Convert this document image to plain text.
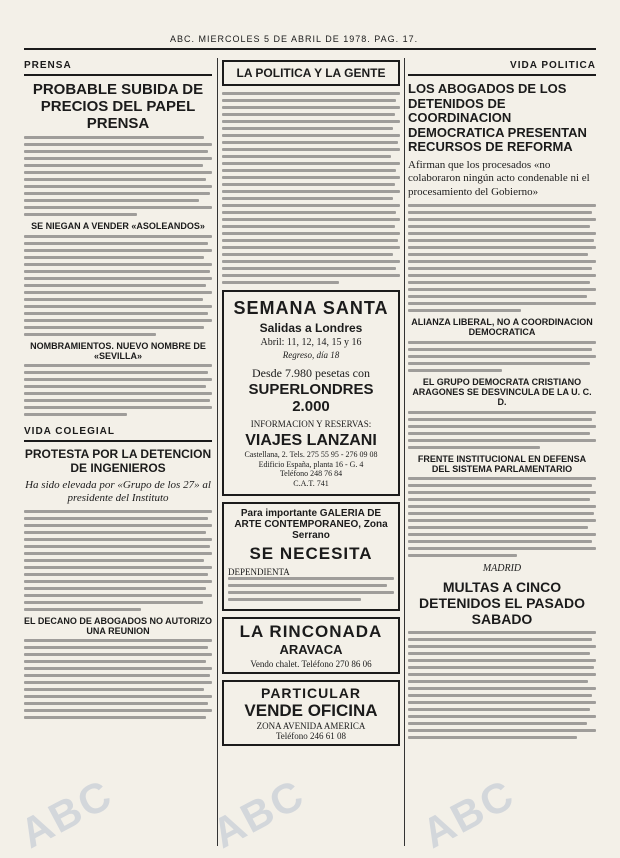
ABC. MIERCOLES 5 DE ABRIL DE 1978. PAG. 17.
PRENSA
PROBABLE SUBIDA DE PRECIOS DEL PAPEL PRENSA
SE NIEGAN A VENDER «ASOLEANDOS»
NOMBRAMIENTOS. NUEVO NOMBRE DE «SEVILLA»
VIDA COLEGIAL
PROTESTA POR LA DETENCION DE INGENIEROS
Ha sido elevada por «Grupo de los 27» al presidente del Instituto
EL DECANO DE ABOGADOS NO AUTORIZO UNA REUNION
LA POLITICA Y LA GENTE
SEMANA SANTA
Salidas a Londres
Abril: 11, 12, 14, 15 y 16
Regreso, día 18
Desde 7.980 pesetas con
SUPERLONDRES 2.000
INFORMACION Y RESERVAS:
VIAJES LANZANI
Castellana, 2. Tels. 275 55 95 - 276 09 08
Edificio España, planta 16 - G. 4
Teléfono 248 76 84
C.A.T. 741
Para importante GALERIA DE ARTE CONTEMPORANEO, Zona Serrano
SE NECESITA
DEPENDIENTA
LA RINCONADA
ARAVACA
Vendo chalet. Teléfono 270 86 06
PARTICULAR
VENDE OFICINA
ZONA AVENIDA AMERICA
Teléfono 246 61 08
VIDA POLITICA
LOS ABOGADOS DE LOS DETENIDOS DE COORDINACION DEMOCRATICA PRESENTAN RECURSOS DE REFORMA
Afirman que los procesados «no colaboraron ningún acto condenable ni el procesamiento del Gobierno»
ALIANZA LIBERAL, NO A COORDINACION DEMOCRATICA
EL GRUPO DEMOCRATA CRISTIANO ARAGONES SE DESVINCULA DE LA U. C. D.
FRENTE INSTITUCIONAL EN DEFENSA DEL SISTEMA PARLAMENTARIO
MADRID
MULTAS A CINCO DETENIDOS EL PASADO SABADO
ABC ABC ABC
